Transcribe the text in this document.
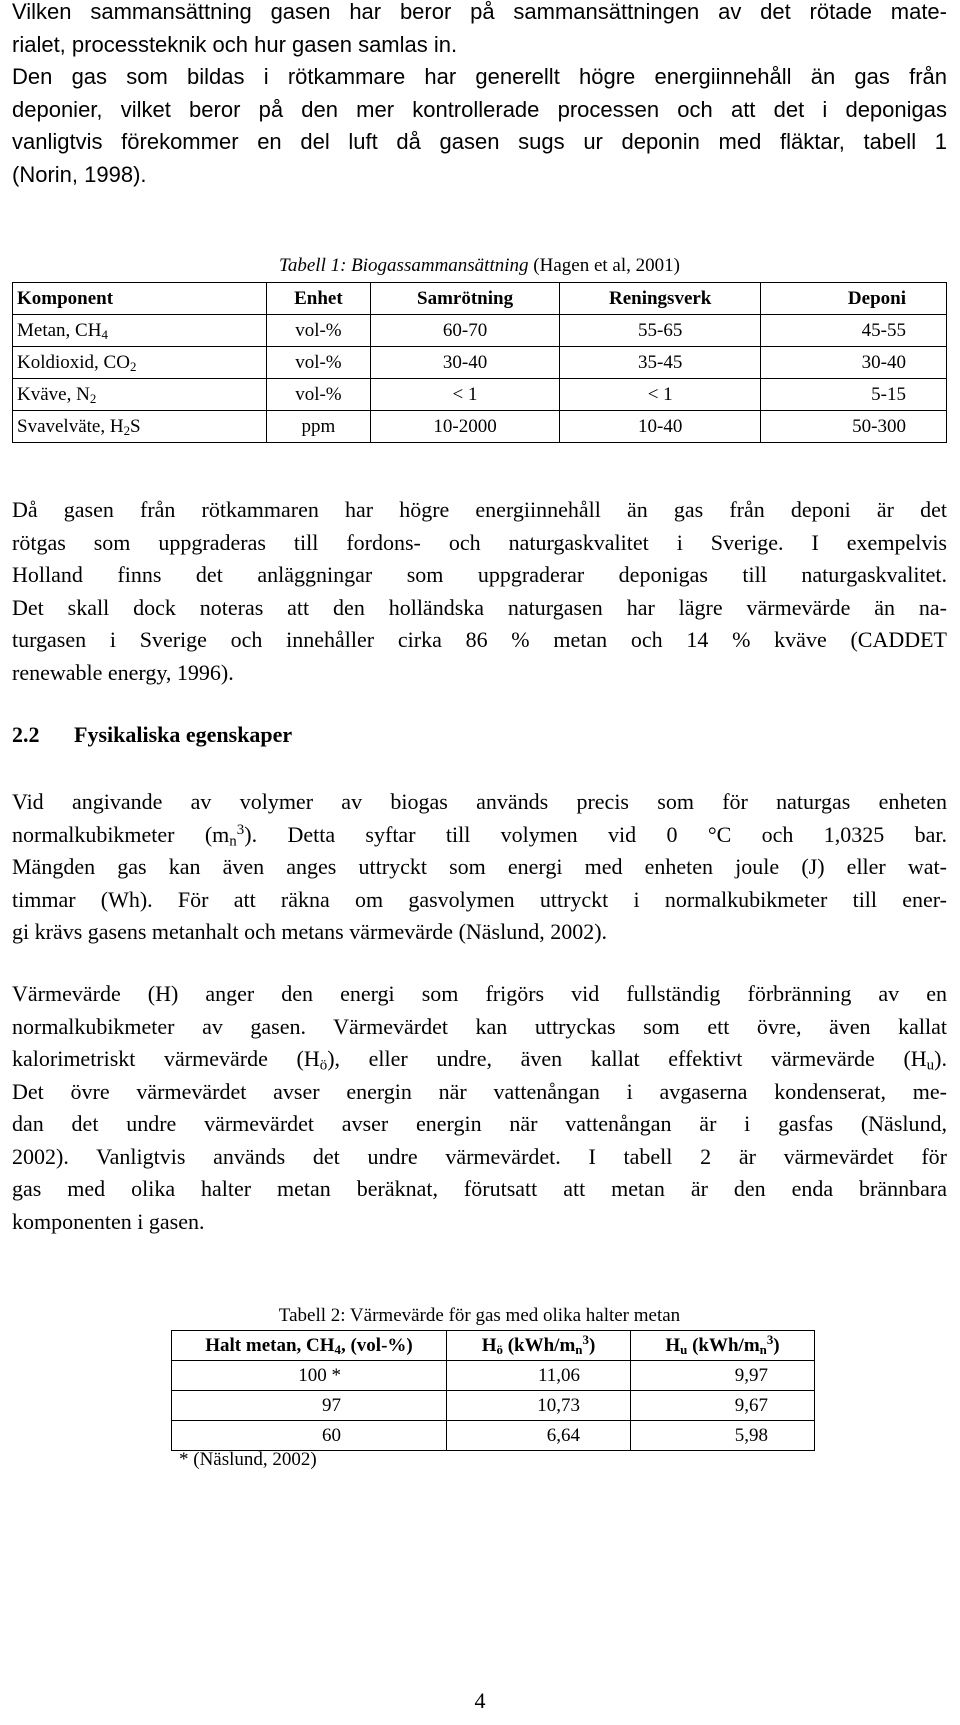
Vilken sammansättning gasen har beror på sammansättningen av det rötade mate-
rialet, processteknik och hur gasen samlas in.
Den gas som bildas i rötkammare har generellt högre energiinnehåll än gas från
deponier, vilket beror på den mer kontrollerade processen och att det i deponigas
vanligtvis förekommer en del luft då gasen sugs ur deponin med fläktar, tabell 1
(Norin, 1998).
Tabell 1: Biogassammansättning (Hagen et al, 2001)
Komponent	Enhet	Samrötning	Reningsverk	Deponi
Metan, $CH_4$	vol-%	60-70	55-65	45-55
Koldioxid, $CO_2$	vol-%	30-40	35-45	30-40
Kväve, $N_2$	vol-%	< 1	< 1	5-15
Svavelväte, $H_2S$	ppm	10-2000	10-40	50-300
Då gasen från rötkammaren har högre energiinnehåll än gas från deponi är det
rötgas som uppgraderas till fordons- och naturgaskvalitet i Sverige. I exempelvis
Holland finns det anläggningar som uppgraderar deponigas till naturgaskvalitet.
Det skall dock noteras att den holländska naturgasen har lägre värmevärde än na-
turgasen i Sverige och innehåller cirka 86 % metan och 14 % kväve (CADDET
renewable energy, 1996).
2.2 Fysikaliska egenskaper
Vid angivande av volymer av biogas används precis som för naturgas enheten
normalkubikmeter $(m_n^3)$. Detta syftar till volymen vid 0 °C och 1,0325 bar.
Mängden gas kan även anges uttryckt som energi med enheten joule (J) eller wat-
timmar (Wh). För att räkna om gasvolymen uttryckt i normalkubikmeter till ener-
gi krävs gasens metanhalt och metans värmevärde (Näslund, 2002).
Värmevärde (H) anger den energi som frigörs vid fullständig förbränning av en
normalkubikmeter av gasen. Värmevärdet kan uttryckas som ett övre, även kallat
kalorimetriskt värmevärde $(H_ö)$, eller undre, även kallat effektivt värmevärde $(H_u)$.
Det övre värmevärdet avser energin när vattenångan i avgaserna kondenserat, me-
dan det undre värmevärdet avser energin när vattenångan är i gasfas (Näslund,
2002). Vanligtvis används det undre värmevärdet. I tabell 2 är värmevärdet för
gas med olika halter metan beräknat, förutsatt att metan är den enda brännbara
komponenten i gasen.
Tabell 2: Värmevärde för gas med olika halter metan
Halt metan, $CH_4$, (vol-%)	$H_ö$ $(kWh/m_n^3)$	$H_u$ $(kWh/m_n^3)$
100 *	11,06	9,97
97	10,73	9,67
60	6,64	5,98
* (Näslund, 2002)
4
